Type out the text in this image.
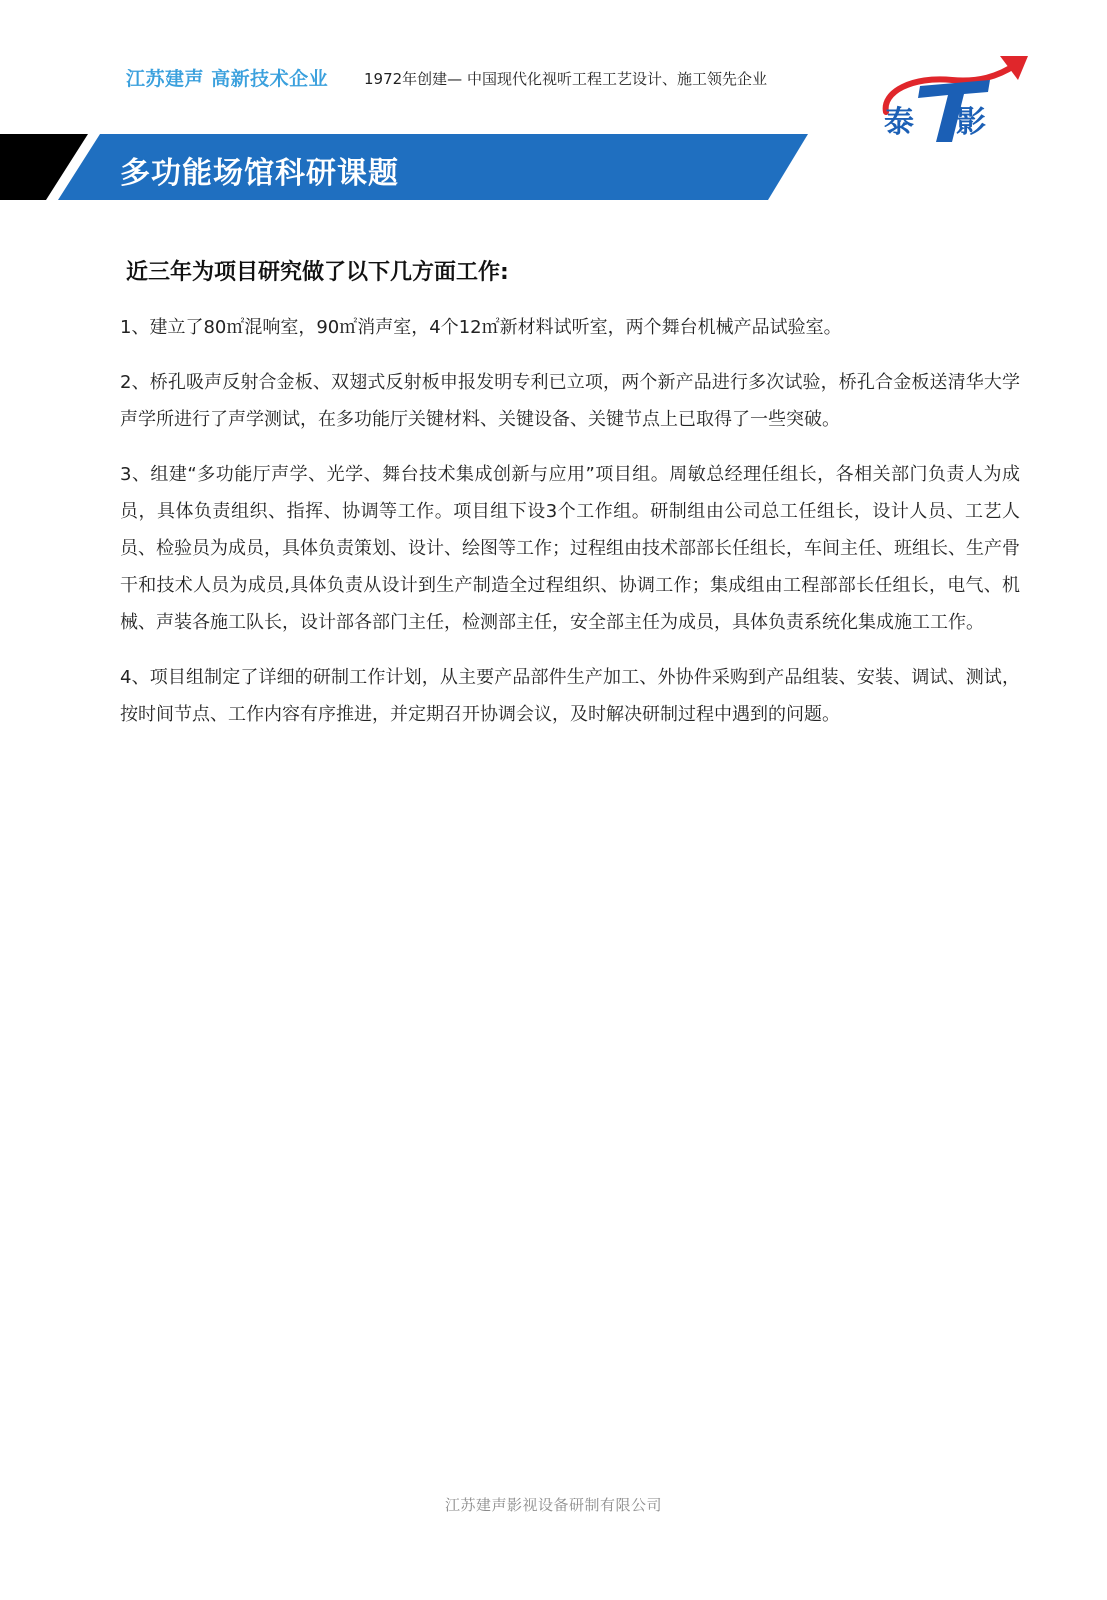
江苏建声 高新技术企业 1972年创建— 中国现代化视听工程工艺设计、施工领先企业
泰 影
多功能场馆科研课题
近三年为项目研究做了以下几方面工作:

1、建立了80㎡混响室，90㎡消声室，4个12㎡新材料试听室，两个舞台机械产品试验室。

2、桥孔吸声反射合金板、双翅式反射板申报发明专利已立项，两个新产品进行多次试验，桥孔合金板送清华大学声学所进行了声学测试，在多功能厅关键材料、关键设备、关键节点上已取得了一些突破。

3、组建“多功能厅声学、光学、舞台技术集成创新与应用”项目组。周敏总经理任组长，各相关部门负责人为成员，具体负责组织、指挥、协调等工作。项目组下设3个工作组。研制组由公司总工任组长，设计人员、工艺人员、检验员为成员，具体负责策划、设计、绘图等工作；过程组由技术部部长任组长，车间主任、班组长、生产骨干和技术人员为成员,具体负责从设计到生产制造全过程组织、协调工作；集成组由工程部部长任组长，电气、机械、声装各施工队长，设计部各部门主任，检测部主任，安全部主任为成员，具体负责系统化集成施工工作。

4、项目组制定了详细的研制工作计划，从主要产品部件生产加工、外协件采购到产品组装、安装、调试、测试，按时间节点、工作内容有序推进，并定期召开协调会议，及时解决研制过程中遇到的问题。

江苏建声影视设备研制有限公司
